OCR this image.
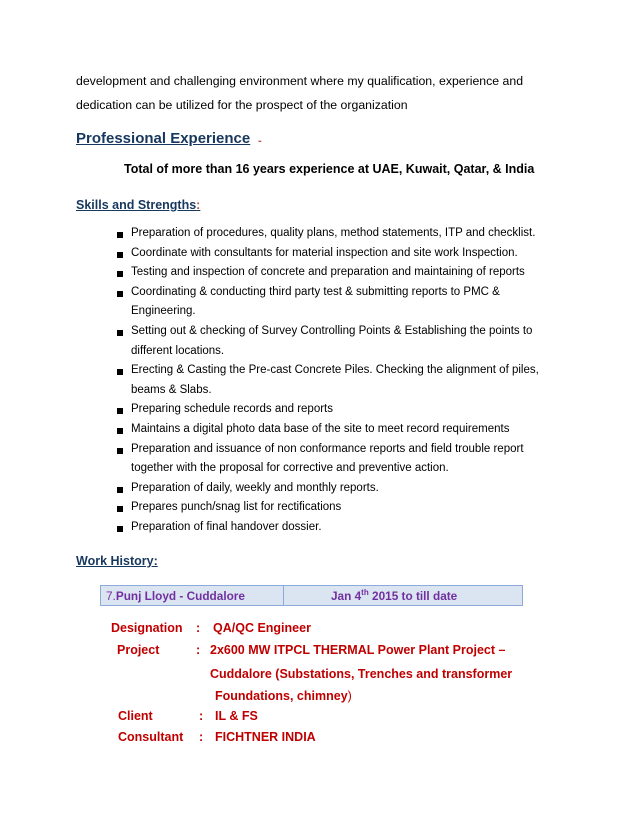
development and challenging environment where my qualification, experience and
dedication can be utilized for the prospect of the organization
Professional Experience -
Total of more than 16 years experience at UAE, Kuwait, Qatar, & India
Skills and Strengths:
Preparation of procedures, quality plans, method statements, ITP and checklist.
Coordinate with consultants for material inspection and site work Inspection.
Testing and inspection of concrete and preparation and maintaining of reports
Coordinating & conducting third party test & submitting reports to PMC &
Engineering.
Setting out & checking of Survey Controlling Points & Establishing the points to
different locations.
Erecting & Casting the Pre-cast Concrete Piles. Checking the alignment of piles,
beams & Slabs.
Preparing schedule records and reports
Maintains a digital photo data base of the site to meet record requirements
Preparation and issuance of non conformance reports and field trouble report
together with the proposal for corrective and preventive action.
Preparation of daily, weekly and monthly reports.
Prepares punch/snag list for rectifications
Preparation of final handover dossier.
Work History:
7.Punj Lloyd - Cuddalore	Jan 4th 2015 to till date
Designation : QA/QC Engineer
Project	: 2x600 MW ITPCL THERMAL Power Plant Project –
Cuddalore (Substations, Trenches and transformer
Foundations, chimney)
Client	: IL & FS
Consultant : FICHTNER INDIA
